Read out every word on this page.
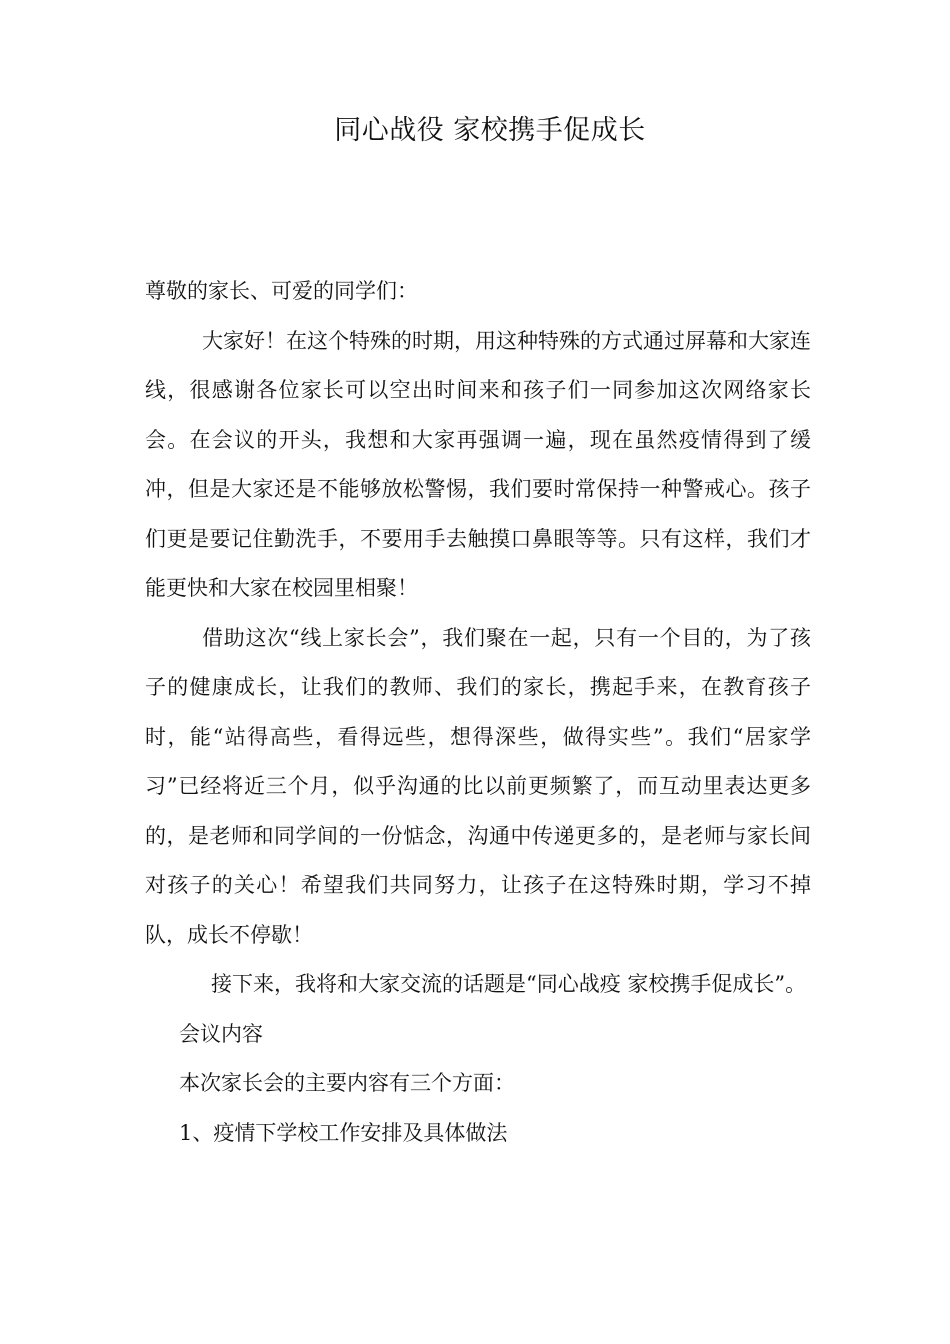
同心战役 家校携手促成长

尊敬的家长、可爱的同学们：

大家好！在这个特殊的时期，用这种特殊的方式通过屏幕和大家连线，很感谢各位家长可以空出时间来和孩子们一同参加这次网络家长会。在会议的开头，我想和大家再强调一遍，现在虽然疫情得到了缓冲，但是大家还是不能够放松警惕，我们要时常保持一种警戒心。孩子们更是要记住勤洗手，不要用手去触摸口鼻眼等等。只有这样，我们才能更快和大家在校园里相聚！

借助这次“线上家长会”，我们聚在一起，只有一个目的，为了孩子的健康成长，让我们的教师、我们的家长，携起手来，在教育孩子时，能“站得高些，看得远些，想得深些，做得实些”。我们“居家学习”已经将近三个月，似乎沟通的比以前更频繁了，而互动里表达更多的，是老师和同学间的一份惦念，沟通中传递更多的，是老师与家长间对孩子的关心！希望我们共同努力，让孩子在这特殊时期，学习不掉队，成长不停歇！

接下来，我将和大家交流的话题是“同心战疫 家校携手促成长”。

会议内容

本次家长会的主要内容有三个方面：

1、疫情下学校工作安排及具体做法
